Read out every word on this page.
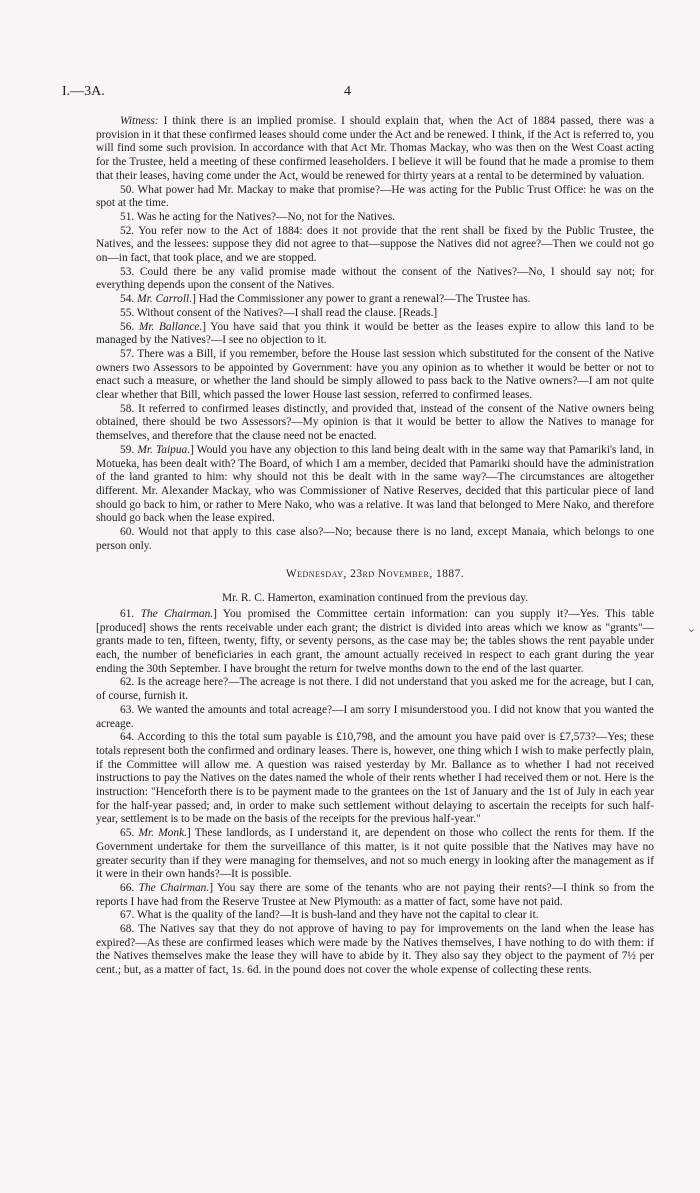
I.—3A.	4

Witness: I think there is an implied promise. I should explain that, when the Act of 1884 passed, there was a provision in it that these confirmed leases should come under the Act and be renewed. I think, if the Act is referred to, you will find some such provision. In accordance with that Act Mr. Thomas Mackay, who was then on the West Coast acting for the Trustee, held a meeting of these confirmed leaseholders. I believe it will be found that he made a promise to them that their leases, having come under the Act, would be renewed for thirty years at a rental to be determined by valuation.

50. What power had Mr. Mackay to make that promise?—He was acting for the Public Trust Office: he was on the spot at the time.

51. Was he acting for the Natives?—No, not for the Natives.

52. You refer now to the Act of 1884: does it not provide that the rent shall be fixed by the Public Trustee, the Natives, and the lessees: suppose they did not agree to that—suppose the Natives did not agree?—Then we could not go on—in fact, that took place, and we are stopped.

53. Could there be any valid promise made without the consent of the Natives?—No, I should say not; for everything depends upon the consent of the Natives.

54. Mr. Carroll.] Had the Commissioner any power to grant a renewal?—The Trustee has.

55. Without consent of the Natives?—I shall read the clause. [Reads.]

56. Mr. Ballance.] You have said that you think it would be better as the leases expire to allow this land to be managed by the Natives?—I see no objection to it.

57. There was a Bill, if you remember, before the House last session which substituted for the consent of the Native owners two Assessors to be appointed by Government: have you any opinion as to whether it would be better or not to enact such a measure, or whether the land should be simply allowed to pass back to the Native owners?—I am not quite clear whether that Bill, which passed the lower House last session, referred to confirmed leases.

58. It referred to confirmed leases distinctly, and provided that, instead of the consent of the Native owners being obtained, there should be two Assessors?—My opinion is that it would be better to allow the Natives to manage for themselves, and therefore that the clause need not be enacted.

59. Mr. Taipua.] Would you have any objection to this land being dealt with in the same way that Pamariki's land, in Motueka, has been dealt with? The Board, of which I am a member, decided that Pamariki should have the administration of the land granted to him: why should not this be dealt with in the same way?—The circumstances are altogether different. Mr. Alexander Mackay, who was Commissioner of Native Reserves, decided that this particular piece of land should go back to him, or rather to Mere Nako, who was a relative. It was land that belonged to Mere Nako, and therefore should go back when the lease expired.

60. Would not that apply to this case also?—No; because there is no land, except Manaia, which belongs to one person only.

Wednesday, 23rd November, 1887.

Mr. R. C. Hamerton, examination continued from the previous day.

61. The Chairman.] You promised the Committee certain information: can you supply it?—Yes. This table [produced] shows the rents receivable under each grant; the district is divided into areas which we know as "grants"—grants made to ten, fifteen, twenty, fifty, or seventy persons, as the case may be; the tables shows the rent payable under each, the number of beneficiaries in each grant, the amount actually received in respect to each grant during the year ending the 30th September. I have brought the return for twelve months down to the end of the last quarter.

62. Is the acreage here?—The acreage is not there. I did not understand that you asked me for the acreage, but I can, of course, furnish it.

63. We wanted the amounts and total acreage?—I am sorry I misunderstood you. I did not know that you wanted the acreage.

64. According to this the total sum payable is £10,798, and the amount you have paid over is £7,573?—Yes; these totals represent both the confirmed and ordinary leases. There is, however, one thing which I wish to make perfectly plain, if the Committee will allow me. A question was raised yesterday by Mr. Ballance as to whether I had not received instructions to pay the Natives on the dates named the whole of their rents whether I had received them or not. Here is the instruction: "Henceforth there is to be payment made to the grantees on the 1st of January and the 1st of July in each year for the half-year passed; and, in order to make such settlement without delaying to ascertain the receipts for such half-year, settlement is to be made on the basis of the receipts for the previous half-year."

65. Mr. Monk.] These landlords, as I understand it, are dependent on those who collect the rents for them. If the Government undertake for them the surveillance of this matter, is it not quite possible that the Natives may have no greater security than if they were managing for themselves, and not so much energy in looking after the management as if it were in their own hands?—It is possible.

66. The Chairman.] You say there are some of the tenants who are not paying their rents?—I think so from the reports I have had from the Reserve Trustee at New Plymouth: as a matter of fact, some have not paid.

67. What is the quality of the land?—It is bush-land and they have not the capital to clear it.

68. The Natives say that they do not approve of having to pay for improvements on the land when the lease has expired?—As these are confirmed leases which were made by the Natives themselves, I have nothing to do with them: if the Natives themselves make the lease they will have to abide by it. They also say they object to the payment of 7½ per cent.; but, as a matter of fact, 1s. 6d. in the pound does not cover the whole expense of collecting these rents.

⌄
